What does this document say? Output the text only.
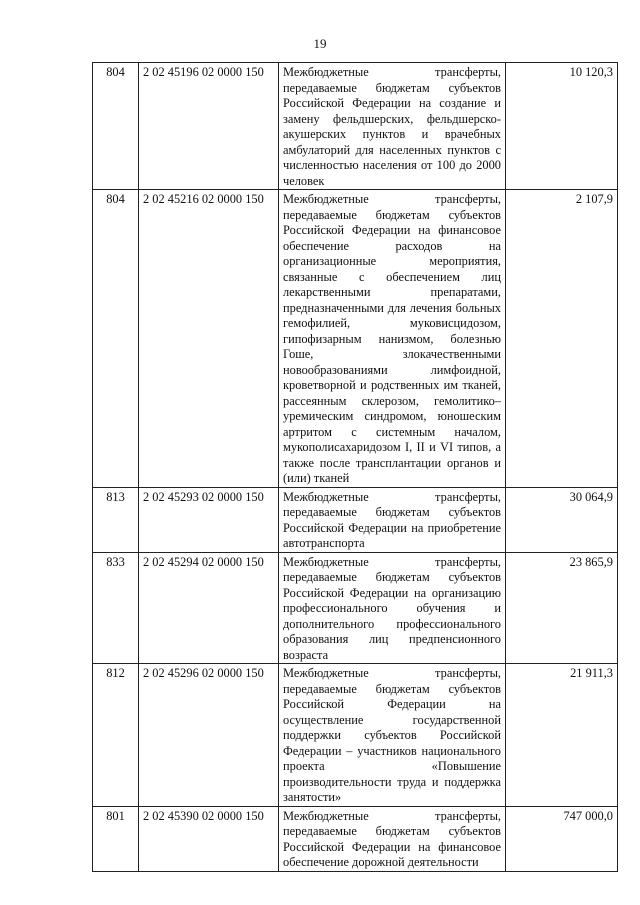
19
804	2 02 45196 02 0000 150	Межбюджетные трансферты, передаваемые бюджетам субъектов Российской Федерации на создание и замену фельдшерских, фельдшерско-акушерских пунктов и врачебных амбулаторий для населенных пунктов с численностью населения от 100 до 2000 человек	10 120,3
804	2 02 45216 02 0000 150	Межбюджетные трансферты, передаваемые бюджетам субъектов Российской Федерации на финансовое обеспечение расходов на организационные мероприятия, связанные с обеспечением лиц лекарственными препаратами, предназначенными для лечения больных гемофилией, муковисцидозом, гипофизарным нанизмом, болезнью Гоше, злокачественными новообразованиями лимфоидной, кроветворной и родственных им тканей, рассеянным склерозом, гемолитико–уремическим синдромом, юношеским артритом с системным началом, мукополисахаридозом I, II и VI типов, а также после трансплантации органов и (или) тканей	2 107,9
813	2 02 45293 02 0000 150	Межбюджетные трансферты, передаваемые бюджетам субъектов Российской Федерации на приобретение автотранспорта	30 064,9
833	2 02 45294 02 0000 150	Межбюджетные трансферты, передаваемые бюджетам субъектов Российской Федерации на организацию профессионального обучения и дополнительного профессионального образования лиц предпенсионного возраста	23 865,9
812	2 02 45296 02 0000 150	Межбюджетные трансферты, передаваемые бюджетам субъектов Российской Федерации на осуществление государственной поддержки субъектов Российской Федерации – участников национального проекта «Повышение производительности труда и поддержка занятости»	21 911,3
801	2 02 45390 02 0000 150	Межбюджетные трансферты, передаваемые бюджетам субъектов Российской Федерации на финансовое обеспечение дорожной деятельности	747 000,0
